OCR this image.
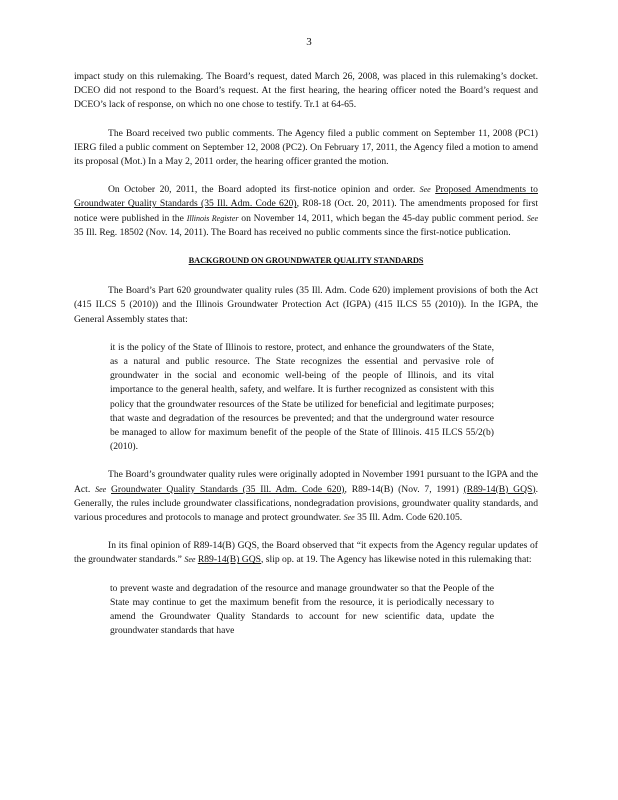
3

impact study on this rulemaking. The Board’s request, dated March 26, 2008, was placed in this rulemaking’s docket. DCEO did not respond to the Board’s request. At the first hearing, the hearing officer noted the Board’s request and DCEO’s lack of response, on which no one chose to testify. Tr.1 at 64-65.

The Board received two public comments. The Agency filed a public comment on September 11, 2008 (PC1) IERG filed a public comment on September 12, 2008 (PC2). On February 17, 2011, the Agency filed a motion to amend its proposal (Mot.) In a May 2, 2011 order, the hearing officer granted the motion.

On October 20, 2011, the Board adopted its first-notice opinion and order. See Proposed Amendments to Groundwater Quality Standards (35 Ill. Adm. Code 620), R08-18 (Oct. 20, 2011). The amendments proposed for first notice were published in the Illinois Register on November 14, 2011, which began the 45-day public comment period. See 35 Ill. Reg. 18502 (Nov. 14, 2011). The Board has received no public comments since the first-notice publication.

BACKGROUND ON GROUNDWATER QUALITY STANDARDS

The Board’s Part 620 groundwater quality rules (35 Ill. Adm. Code 620) implement provisions of both the Act (415 ILCS 5 (2010)) and the Illinois Groundwater Protection Act (IGPA) (415 ILCS 55 (2010)). In the IGPA, the General Assembly states that:

it is the policy of the State of Illinois to restore, protect, and enhance the groundwaters of the State, as a natural and public resource. The State recognizes the essential and pervasive role of groundwater in the social and economic well-being of the people of Illinois, and its vital importance to the general health, safety, and welfare. It is further recognized as consistent with this policy that the groundwater resources of the State be utilized for beneficial and legitimate purposes; that waste and degradation of the resources be prevented; and that the underground water resource be managed to allow for maximum benefit of the people of the State of Illinois. 415 ILCS 55/2(b) (2010).

The Board’s groundwater quality rules were originally adopted in November 1991 pursuant to the IGPA and the Act. See Groundwater Quality Standards (35 Ill. Adm. Code 620), R89-14(B) (Nov. 7, 1991) (R89-14(B) GQS). Generally, the rules include groundwater classifications, nondegradation provisions, groundwater quality standards, and various procedures and protocols to manage and protect groundwater. See 35 Ill. Adm. Code 620.105.

In its final opinion of R89-14(B) GQS, the Board observed that “it expects from the Agency regular updates of the groundwater standards.” See R89-14(B) GQS, slip op. at 19. The Agency has likewise noted in this rulemaking that:

to prevent waste and degradation of the resource and manage groundwater so that the People of the State may continue to get the maximum benefit from the resource, it is periodically necessary to amend the Groundwater Quality Standards to account for new scientific data, update the groundwater standards that have
